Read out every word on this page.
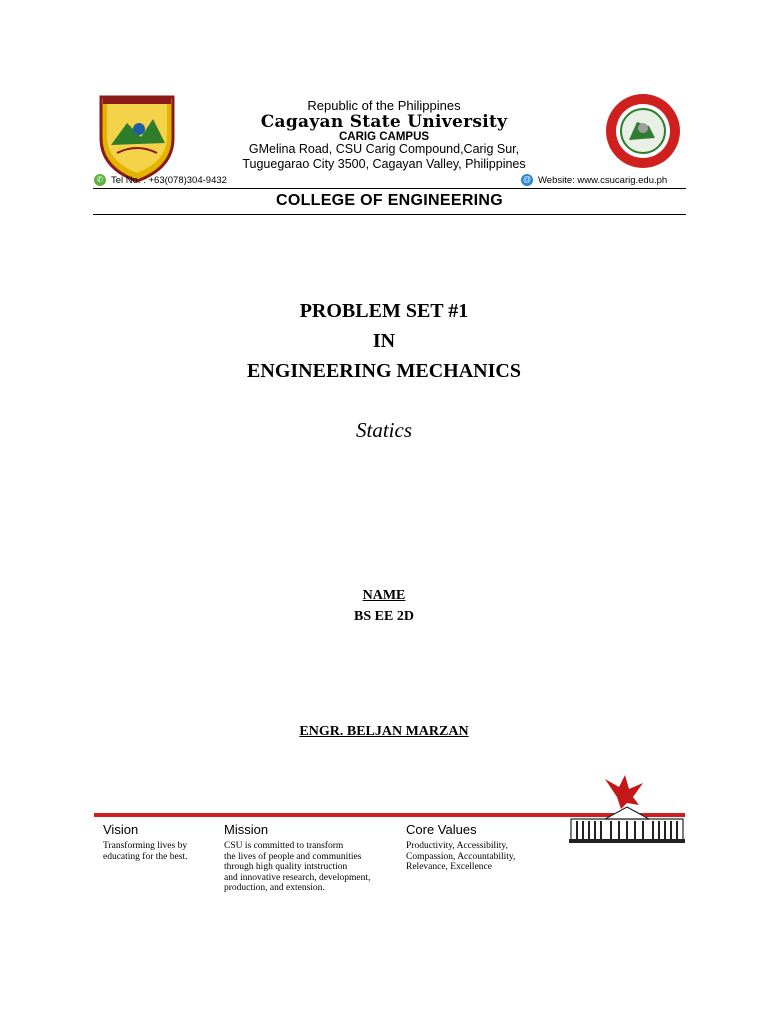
Republic of the Philippines
Cagayan State University
CARIG CAMPUS
GMelina Road, CSU Carig Compound,Carig Sur,
Tuguegarao City 3500, Cagayan Valley, Philippines
✆ Tel No. : +63(078)304-9432	@ Website: www.csucarig.edu.ph
COLLEGE OF ENGINEERING
PROBLEM SET #1
IN
ENGINEERING MECHANICS
Statics
NAME
BS EE 2D
ENGR. BELJAN MARZAN
Vision
Transforming lives by
educating for the best.
Mission
CSU is committed to transform
the lives of people and communities
through high quality intstruction
and innovative research, development,
production, and extension.
Core Values
Productivity, Accessibility,
Compassion, Accountability,
Relevance, Excellence
